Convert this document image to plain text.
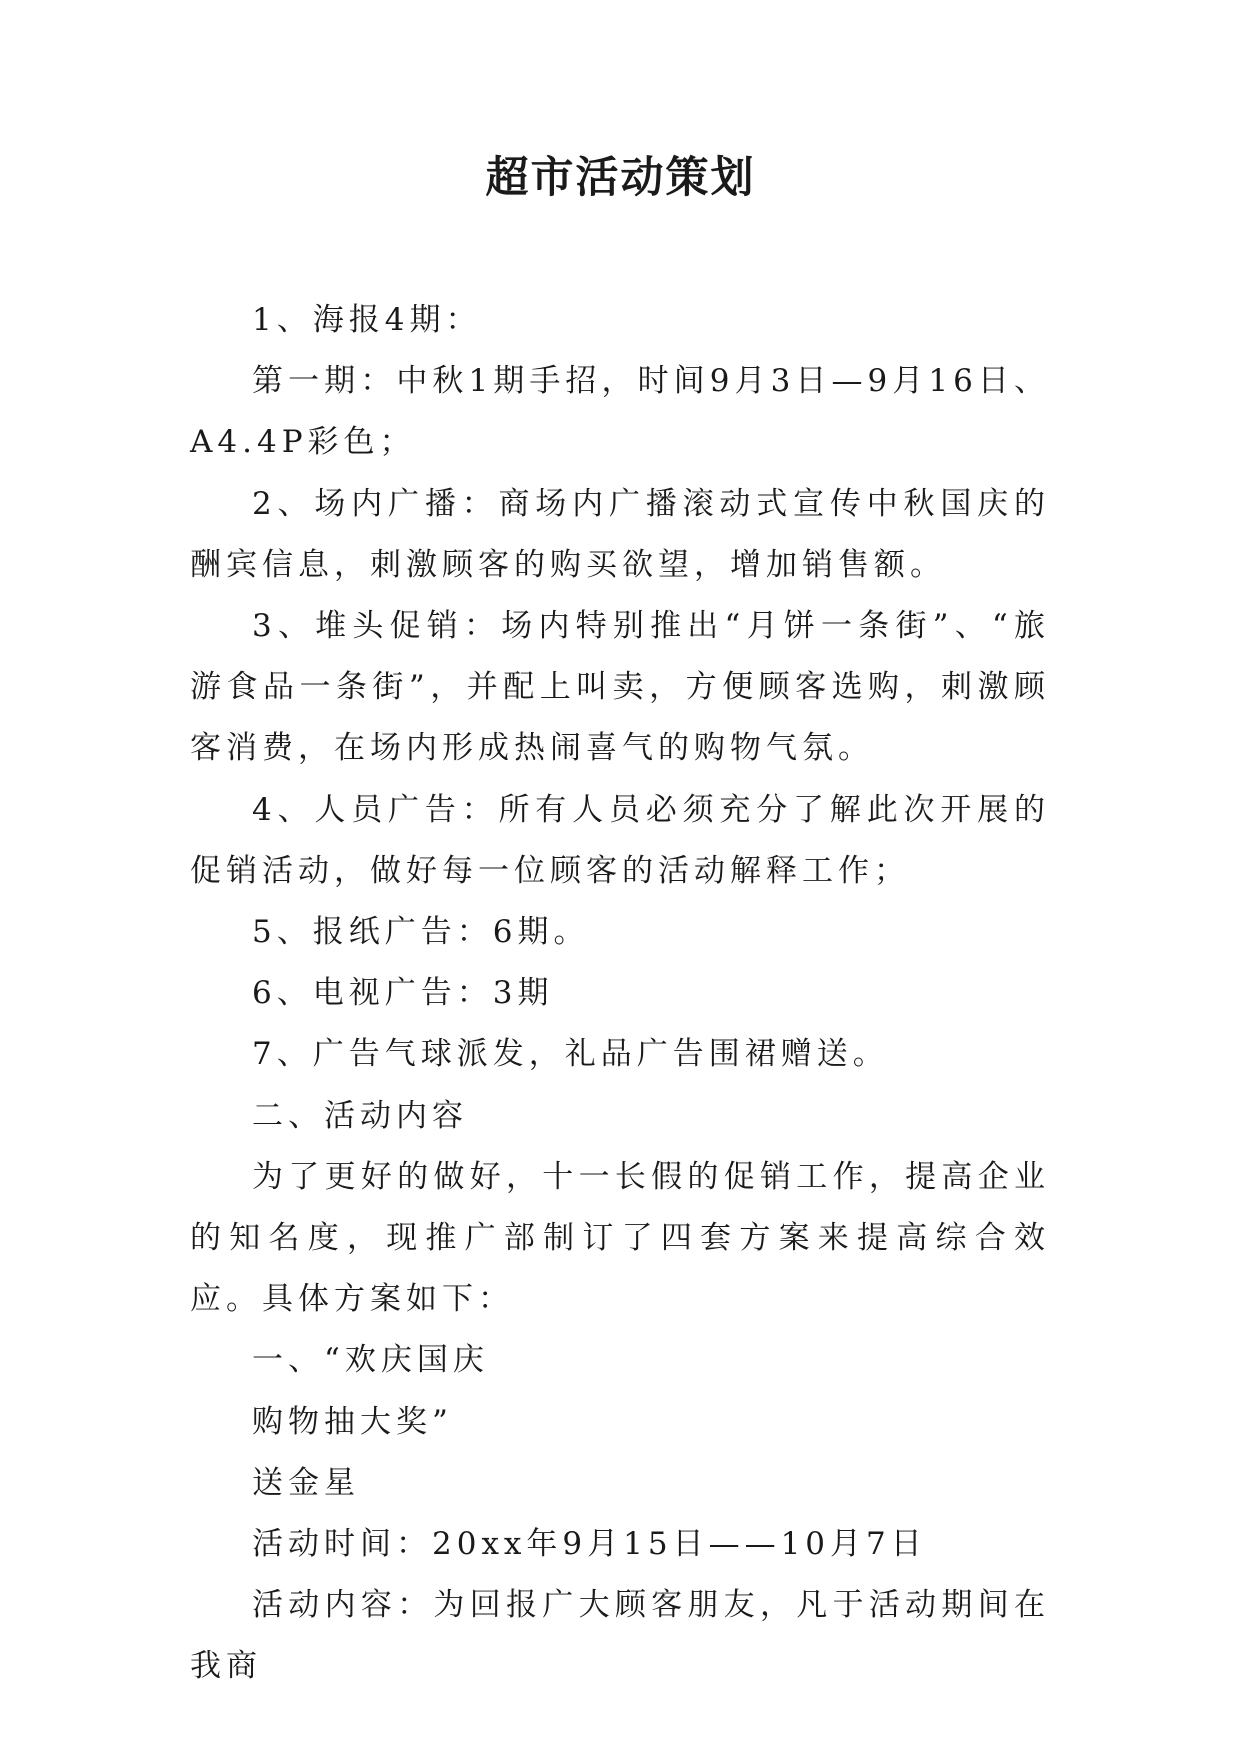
超市活动策划

1、海报4期：

第一期：中秋1期手招，时间9月3日—9月16日、A4.4P彩色；

2、场内广播：商场内广播滚动式宣传中秋国庆的酬宾信息，刺激顾客的购买欲望，增加销售额。

3、堆头促销：场内特别推出“月饼一条街”、“旅游食品一条街”，并配上叫卖，方便顾客选购，刺激顾客消费，在场内形成热闹喜气的购物气氛。

4、人员广告：所有人员必须充分了解此次开展的促销活动，做好每一位顾客的活动解释工作；

5、报纸广告：6期。

6、电视广告：3期

7、广告气球派发，礼品广告围裙赠送。

二、活动内容

为了更好的做好，十一长假的促销工作，提高企业的知名度，现推广部制订了四套方案来提高综合效应。具体方案如下：

一、“欢庆国庆

购物抽大奖”

送金星

活动时间：20xx年9月15日——10月7日

活动内容：为回报广大顾客朋友，凡于活动期间在我商
